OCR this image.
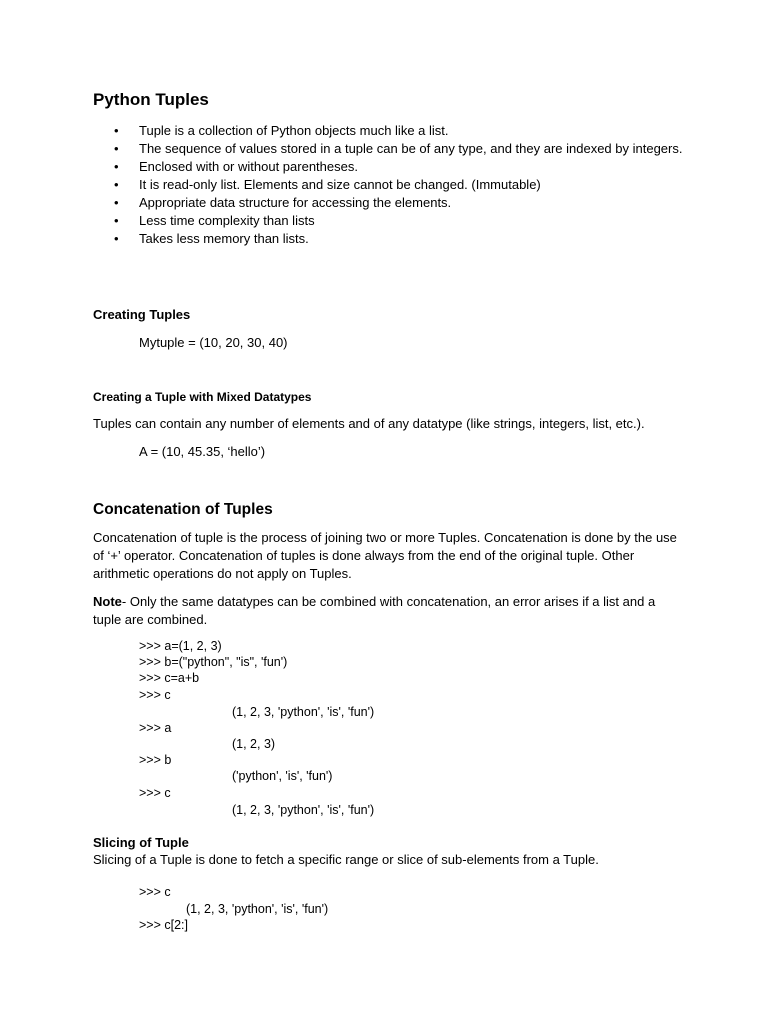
Python Tuples
• Tuple is a collection of Python objects much like a list.
• The sequence of values stored in a tuple can be of any type, and they are indexed by integers.
• Enclosed with or without parentheses.
• It is read-only list. Elements and size cannot be changed. (Immutable)
• Appropriate data structure for accessing the elements.
• Less time complexity than lists
• Takes less memory than lists.
Creating Tuples
Mytuple = (10, 20, 30, 40)
Creating a Tuple with Mixed Datatypes
Tuples can contain any number of elements and of any datatype (like strings, integers, list, etc.).
A = (10, 45.35, ‘hello’)
Concatenation of Tuples
Concatenation of tuple is the process of joining two or more Tuples. Concatenation is done by the use of ‘+’ operator. Concatenation of tuples is done always from the end of the original tuple. Other arithmetic operations do not apply on Tuples.
Note- Only the same datatypes can be combined with concatenation, an error arises if a list and a tuple are combined.
>>> a=(1, 2, 3)
>>> b=("python", "is", 'fun')
>>> c=a+b
>>> c
(1, 2, 3, 'python', 'is', 'fun')
>>> a
(1, 2, 3)
>>> b
('python', 'is', 'fun')
>>> c
(1, 2, 3, 'python', 'is', 'fun')
Slicing of Tuple
Slicing of a Tuple is done to fetch a specific range or slice of sub-elements from a Tuple.
>>> c
(1, 2, 3, 'python', 'is', 'fun')
>>> c[2:]
